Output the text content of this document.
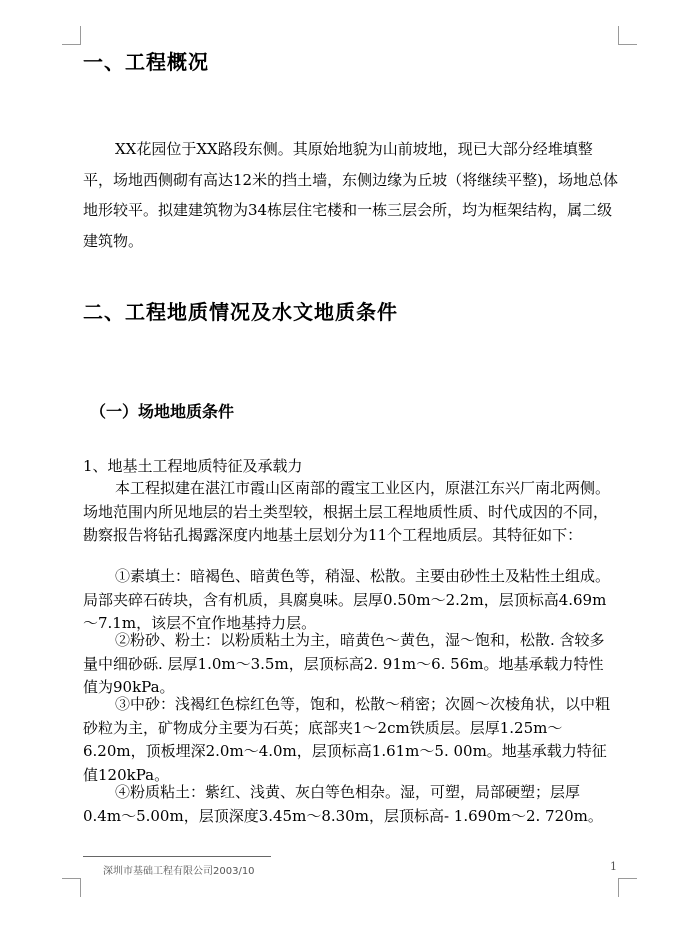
一、工程概况

XX花园位于XX路段东侧。其原始地貌为山前坡地，现已大部分经堆填整平，场地西侧砌有高达12米的挡土墙，东侧边缘为丘坡（将继续平整)，场地总体地形较平。拟建建筑物为34栋层住宅楼和一栋三层会所，均为框架结构，属二级建筑物。

二、工程地质情况及水文地质条件
（一）场地地质条件

1、地基土工程地质特征及承载力

本工程拟建在湛江市霞山区南部的霞宝工业区内，原湛江东兴厂南北两侧。场地范围内所见地层的岩土类型较，根据土层工程地质性质、时代成因的不同，勘察报告将钻孔揭露深度内地基土层划分为11个工程地质层。其特征如下：

①素填土：暗褐色、暗黄色等，稍湿、松散。主要由砂性土及粘性土组成。局部夹碎石砖块，含有机质，具腐臭味。层厚0.50m～2.2m，层顶标高4.69m～7.1m，该层不宜作地基持力层。

②粉砂、粉土：以粉质粘土为主，暗黄色～黄色，湿～饱和，松散. 含较多量中细砂砾. 层厚1.0m～3.5m，层顶标高2. 91m～6. 56m。地基承载力特性值为90kPa。

③中砂：浅褐红色棕红色等，饱和，松散～稍密；次圆～次棱角状，以中粗砂粒为主，矿物成分主要为石英；底部夹1～2cm铁质层。层厚1.25m～6.20m，顶板埋深2.0m～4.0m，层顶标高1.61m～5. 00m。地基承载力特征值120kPa。

④粉质粘土：紫红、浅黄、灰白等色相杂。湿，可塑，局部硬塑；层厚0.4m～5.00m，层顶深度3.45m～8.30m，层顶标高- 1.690m～2. 720m。

深圳市基础工程有限公司2003/10	1
